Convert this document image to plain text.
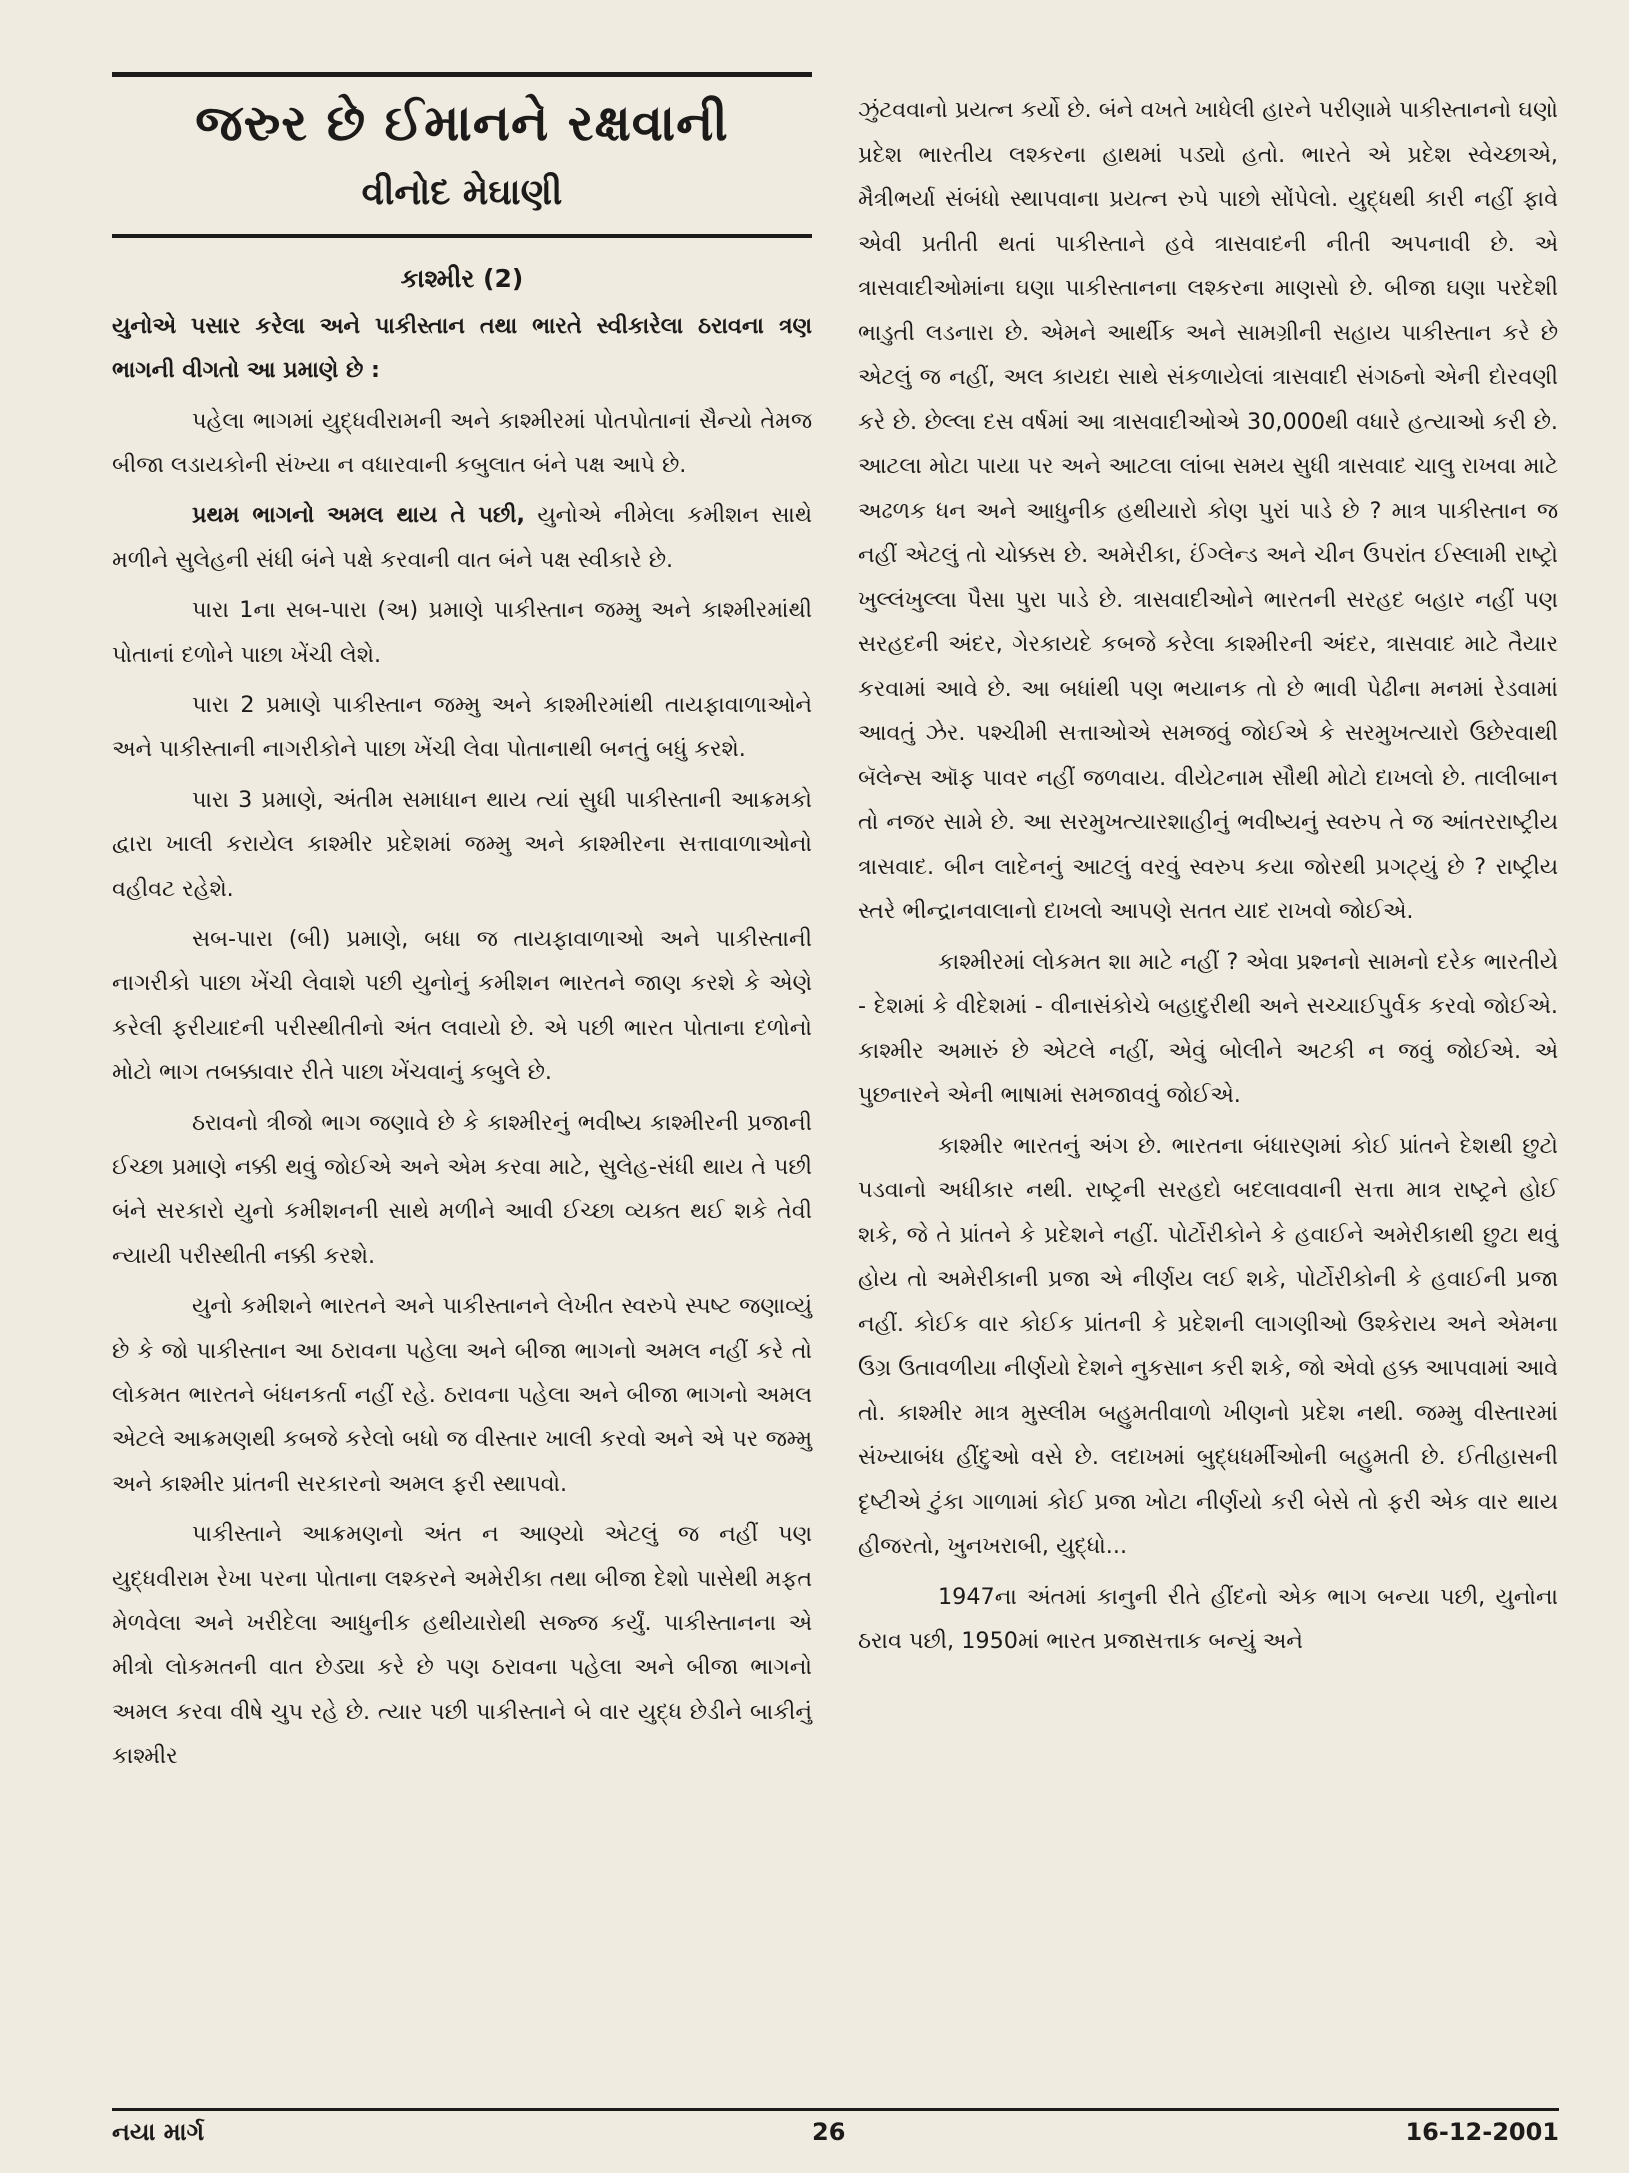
જરુર છે ઈમાનને રક્ષવાની
વીનોદ મેઘાણી
કાશ્મીર (2)

યુનોએ પસાર કરેલા અને પાકીસ્તાન તથા ભારતે સ્વીકારેલા ઠરાવના ત્રણ ભાગની વીગતો આ પ્રમાણે છે :

પહેલા ભાગમાં યુદ્ધવીરામની અને કાશ્મીરમાં પોતપોતાનાં સૈન્યો તેમજ બીજા લડાયકોની સંખ્યા ન વધારવાની કબુલાત બંને પક્ષ આપે છે.

પ્રથમ ભાગનો અમલ થાય તે પછી, યુનોએ નીમેલા કમીશન સાથે મળીને સુલેહની સંધી બંને પક્ષે કરવાની વાત બંને પક્ષ સ્વીકારે છે.

પારા 1ના સબ-પારા (અ) પ્રમાણે પાકીસ્તાન જમ્મુ અને કાશ્મીરમાંથી પોતાનાં દળોને પાછા ખેંચી લેશે.

પારા 2 પ્રમાણે પાકીસ્તાન જમ્મુ અને કાશ્મીરમાંથી તાયફાવાળાઓને અને પાકીસ્તાની નાગરીકોને પાછા ખેંચી લેવા પોતાનાથી બનતું બધું કરશે.

પારા 3 પ્રમાણે, અંતીમ સમાધાન થાય ત્યાં સુધી પાકીસ્તાની આક્રમકો દ્વારા ખાલી કરાયેલ કાશ્મીર પ્રદેશમાં જમ્મુ અને કાશ્મીરના સત્તાવાળાઓનો વહીવટ રહેશે.

સબ-પારા (બી) પ્રમાણે, બધા જ તાયફાવાળાઓ અને પાકીસ્તાની નાગરીકો પાછા ખેંચી લેવાશે પછી યુનોનું કમીશન ભારતને જાણ કરશે કે એણે કરેલી ફરીયાદની પરીસ્થીતીનો અંત લવાયો છે. એ પછી ભારત પોતાના દળોનો મોટો ભાગ તબક્કાવાર રીતે પાછા ખેંચવાનું કબુલે છે.

ઠરાવનો ત્રીજો ભાગ જણાવે છે કે કાશ્મીરનું ભવીષ્ય કાશ્મીરની પ્રજાની ઈચ્છા પ્રમાણે નક્કી થવું જોઈએ અને એમ કરવા માટે, સુલેહ-સંધી થાય તે પછી બંને સરકારો યુનો કમીશનની સાથે મળીને આવી ઈચ્છા વ્યક્ત થઈ શકે તેવી ન્યાયી પરીસ્થીતી નક્કી કરશે.

યુનો કમીશને ભારતને અને પાકીસ્તાનને લેખીત સ્વરુપે સ્પષ્ટ જણાવ્યું છે કે જો પાકીસ્તાન આ ઠરાવના પહેલા અને બીજા ભાગનો અમલ નહીં કરે તો લોકમત ભારતને બંધનકર્તા નહીં રહે. ઠરાવના પહેલા અને બીજા ભાગનો અમલ એટલે આક્રમણથી કબજે કરેલો બધો જ વીસ્તાર ખાલી કરવો અને એ પર જમ્મુ અને કાશ્મીર પ્રાંતની સરકારનો અમલ ફરી સ્થાપવો.

પાકીસ્તાને આક્રમણનો અંત ન આણ્યો એટલું જ નહીં પણ યુદ્ધવીરામ રેખા પરના પોતાના લશ્કરને અમેરીકા તથા બીજા દેશો પાસેથી મફત મેળવેલા અને ખરીદેલા આધુનીક હથીયારોથી સજ્જ કર્યું. પાકીસ્તાનના એ મીત્રો લોકમતની વાત છેડ્યા કરે છે પણ ઠરાવના પહેલા અને બીજા ભાગનો અમલ કરવા વીષે ચુપ રહે છે. ત્યાર પછી પાકીસ્તાને બે વાર યુદ્ધ છેડીને બાકીનું કાશ્મીર

ઝુંટવવાનો પ્રયત્ન કર્યો છે. બંને વખતે ખાધેલી હારને પરીણામે પાકીસ્તાનનો ઘણો પ્રદેશ ભારતીય લશ્કરના હાથમાં પડ્યો હતો. ભારતે એ પ્રદેશ સ્વેચ્છાએ, મૈત્રીભર્યા સંબંધો સ્થાપવાના પ્રયત્ન રુપે પાછો સોંપેલો. યુદ્ધથી કારી નહીં ફાવે એવી પ્રતીતી થતાં પાકીસ્તાને હવે ત્રાસવાદની નીતી અપનાવી છે. એ ત્રાસવાદીઓમાંના ઘણા પાકીસ્તાનના લશ્કરના માણસો છે. બીજા ઘણા પરદેશી ભાડુતી લડનારા છે. એમને આર્થીક અને સામગ્રીની સહાય પાકીસ્તાન કરે છે એટલું જ નહીં, અલ કાયદા સાથે સંકળાયેલાં ત્રાસવાદી સંગઠનો એની દોરવણી કરે છે. છેલ્લા દસ વર્ષમાં આ ત્રાસવાદીઓએ 30,000થી વધારે હત્યાઓ કરી છે. આટલા મોટા પાયા પર અને આટલા લાંબા સમય સુધી ત્રાસવાદ ચાલુ રાખવા માટે અઢળક ધન અને આધુનીક હથીયારો કોણ પુરાં પાડે છે ? માત્ર પાકીસ્તાન જ નહીં એટલું તો ચોક્કસ છે. અમેરીકા, ઈંગ્લેન્ડ અને ચીન ઉપરાંત ઈસ્લામી રાષ્ટ્રો ખુલ્લંખુલ્લા પૈસા પુરા પાડે છે. ત્રાસવાદીઓને ભારતની સરહદ બહાર નહીં પણ સરહદની અંદર, ગેરકાયદે કબજે કરેલા કાશ્મીરની અંદર, ત્રાસવાદ માટે તૈયાર કરવામાં આવે છે. આ બધાંથી પણ ભયાનક તો છે ભાવી પેઢીના મનમાં રેડવામાં આવતું ઝેર. પશ્ચીમી સત્તાઓએ સમજવું જોઈએ કે સરમુખત્યારો ઉછેરવાથી બૅલેન્સ ઑફ પાવર નહીં જળવાય. વીયેટનામ સૌથી મોટો દાખલો છે. તાલીબાન તો નજર સામે છે. આ સરમુખત્યારશાહીનું ભવીષ્યનું સ્વરુપ તે જ આંતરરાષ્ટ્રીય ત્રાસવાદ. બીન લાદેનનું આટલું વરવું સ્વરુપ કયા જોરથી પ્રગટ્યું છે ? રાષ્ટ્રીય સ્તરે ભીન્દ્રાનવાલાનો દાખલો આપણે સતત યાદ રાખવો જોઈએ.

કાશ્મીરમાં લોકમત શા માટે નહીં ? એવા પ્રશ્નનો સામનો દરેક ભારતીયે - દેશમાં કે વીદેશમાં - વીનાસંકોચે બહાદુરીથી અને સચ્ચાઈપુર્વક કરવો જોઈએ. કાશ્મીર અમારું છે એટલે નહીં, એવું બોલીને અટકી ન જવું જોઈએ. એ પુછનારને એની ભાષામાં સમજાવવું જોઈએ.

કાશ્મીર ભારતનું અંગ છે. ભારતના બંધારણમાં કોઈ પ્રાંતને દેશથી છુટો પડવાનો અધીકાર નથી. રાષ્ટ્રની સરહદો બદલાવવાની સત્તા માત્ર રાષ્ટ્રને હોઈ શકે, જે તે પ્રાંતને કે પ્રદેશને નહીં. પોર્ટોરીકોને કે હવાઈને અમેરીકાથી છુટા થવું હોય તો અમેરીકાની પ્રજા એ નીર્ણય લઈ શકે, પોર્ટોરીકોની કે હવાઈની પ્રજા નહીં. કોઈક વાર કોઈક પ્રાંતની કે પ્રદેશની લાગણીઓ ઉશ્કેરાય અને એમના ઉગ્ર ઉતાવળીયા નીર્ણયો દેશને નુકસાન કરી શકે, જો એવો હક્ક આપવામાં આવે તો. કાશ્મીર માત્ર મુસ્લીમ બહુમતીવાળો ખીણનો પ્રદેશ નથી. જમ્મુ વીસ્તારમાં સંખ્યાબંધ હીંદુઓ વસે છે. લદાખમાં બુદ્ધધર્મીઓની બહુમતી છે. ઈતીહાસની દૃષ્ટીએ ટુંકા ગાળામાં કોઈ પ્રજા ખોટા નીર્ણયો કરી બેસે તો ફરી એક વાર થાય હીજરતો, ખુનખરાબી, યુદ્ધો...

1947ના અંતમાં કાનુની રીતે હીંદનો એક ભાગ બન્યા પછી, યુનોના ઠરાવ પછી, 1950માં ભારત પ્રજાસત્તાક બન્યું અને

નયા માર્ગ	26	16-12-2001
